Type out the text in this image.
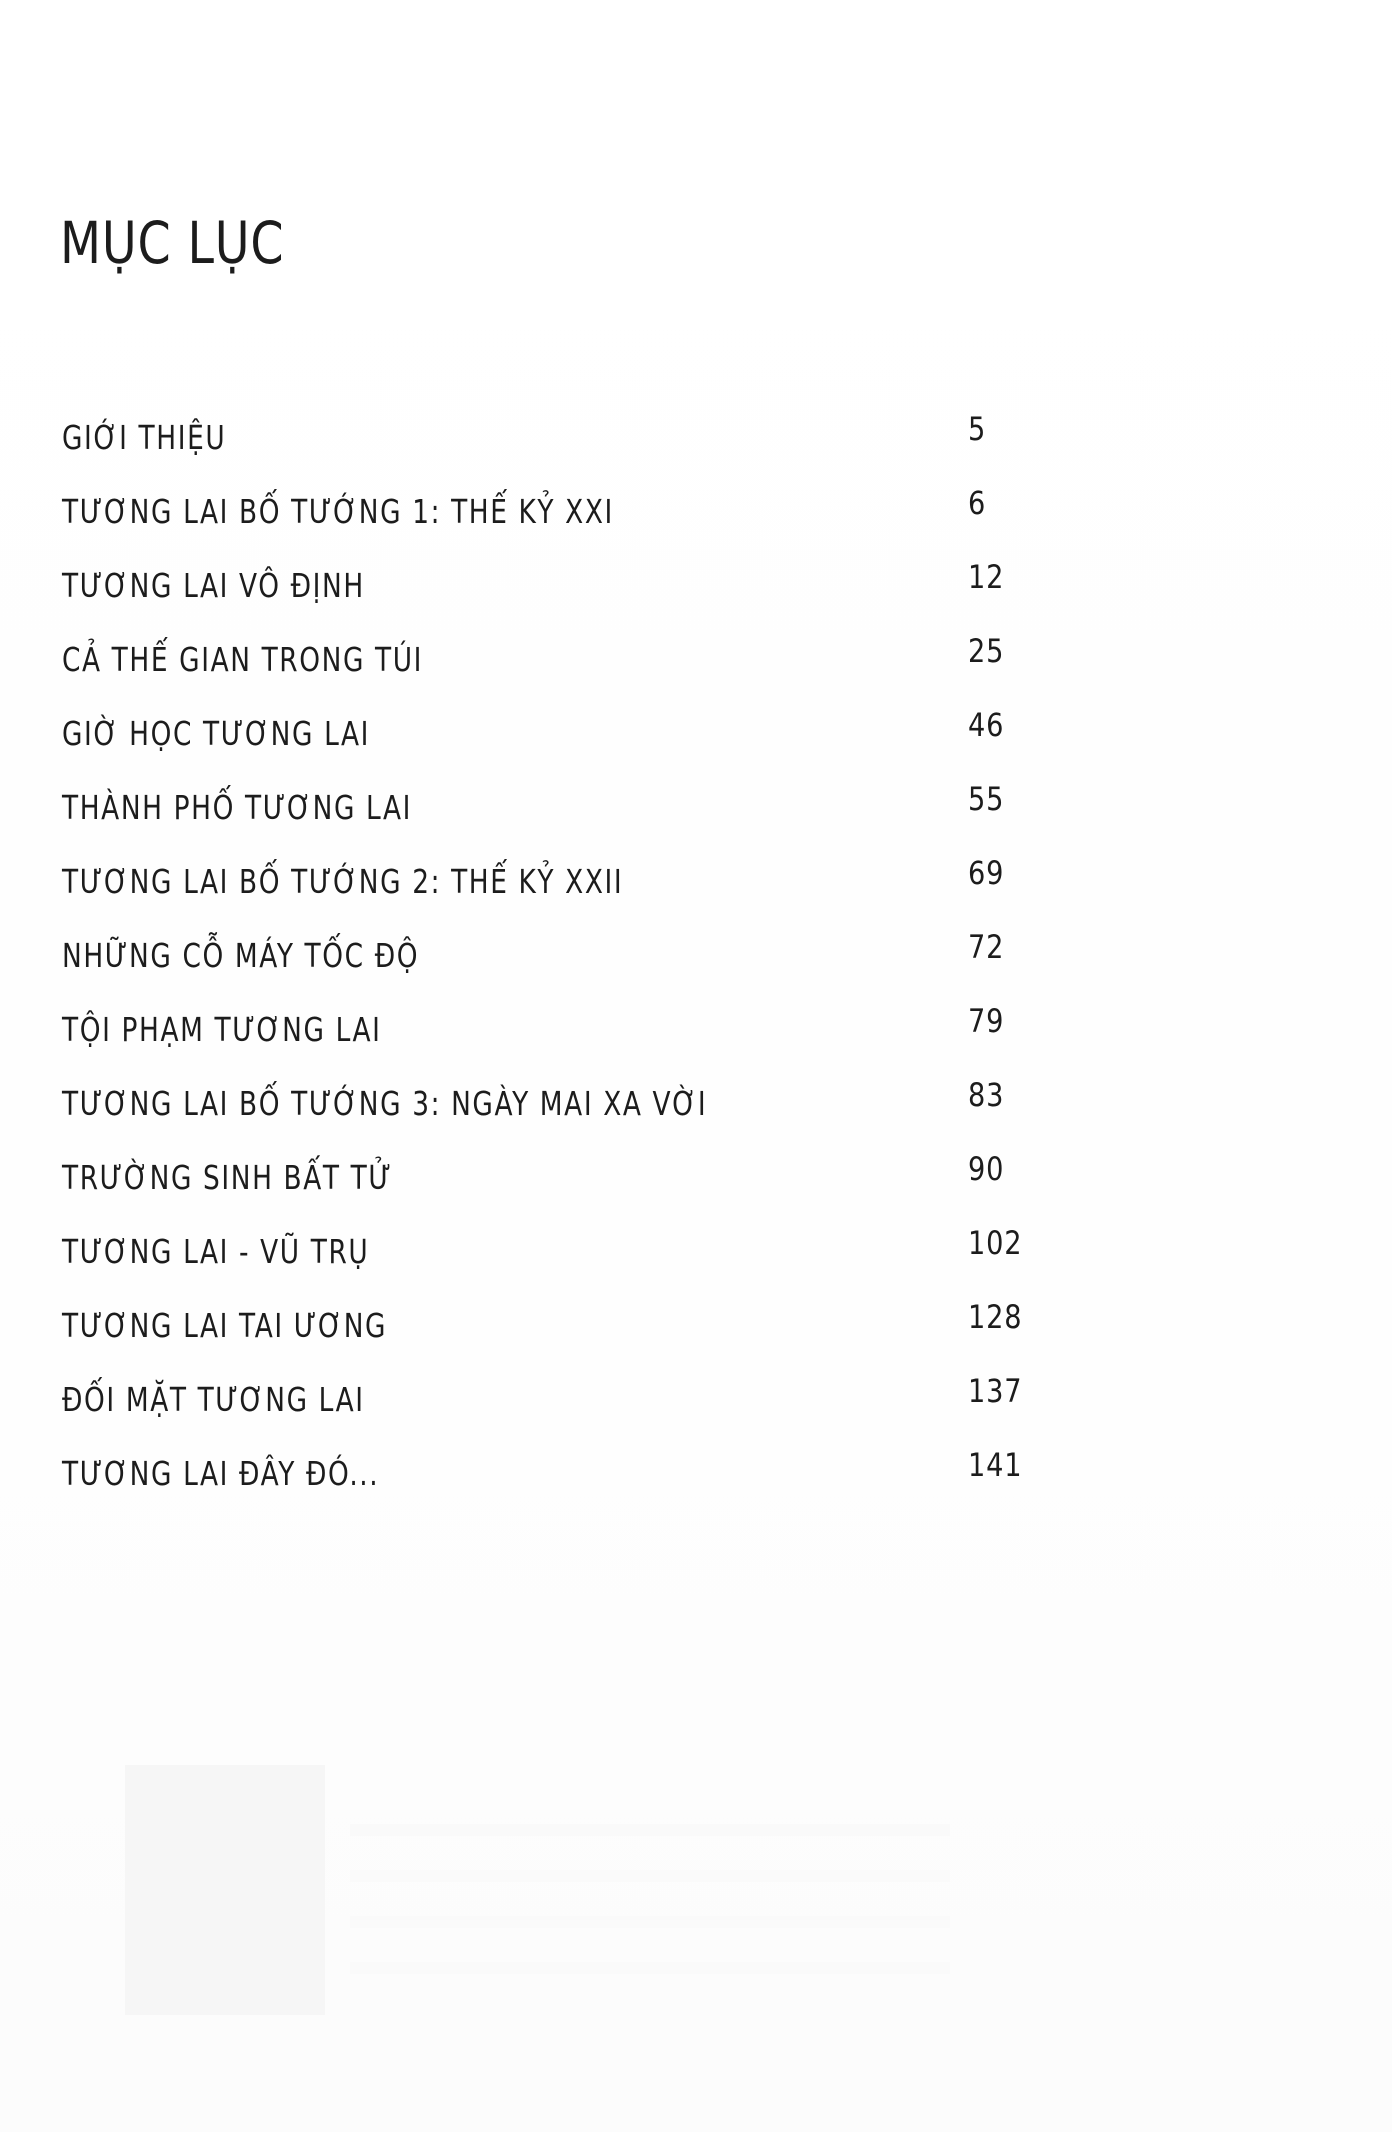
MỤC LỤC
GIỚI THIỆU	5
TƯƠNG LAI BỐ TƯỚNG 1: THẾ KỶ XXI	6
TƯƠNG LAI VÔ ĐỊNH	12
CẢ THẾ GIAN TRONG TÚI	25
GIỜ HỌC TƯƠNG LAI	46
THÀNH PHỐ TƯƠNG LAI	55
TƯƠNG LAI BỐ TƯỚNG 2: THẾ KỶ XXII	69
NHỮNG CỖ MÁY TỐC ĐỘ	72
TỘI PHẠM TƯƠNG LAI	79
TƯƠNG LAI BỐ TƯỚNG 3: NGÀY MAI XA VỜI	83
TRƯỜNG SINH BẤT TỬ	90
TƯƠNG LAI - VŨ TRỤ	102
TƯƠNG LAI TAI ƯƠNG	128
ĐỐI MẶT TƯƠNG LAI	137
TƯƠNG LAI ĐÂY ĐÓ...	141
